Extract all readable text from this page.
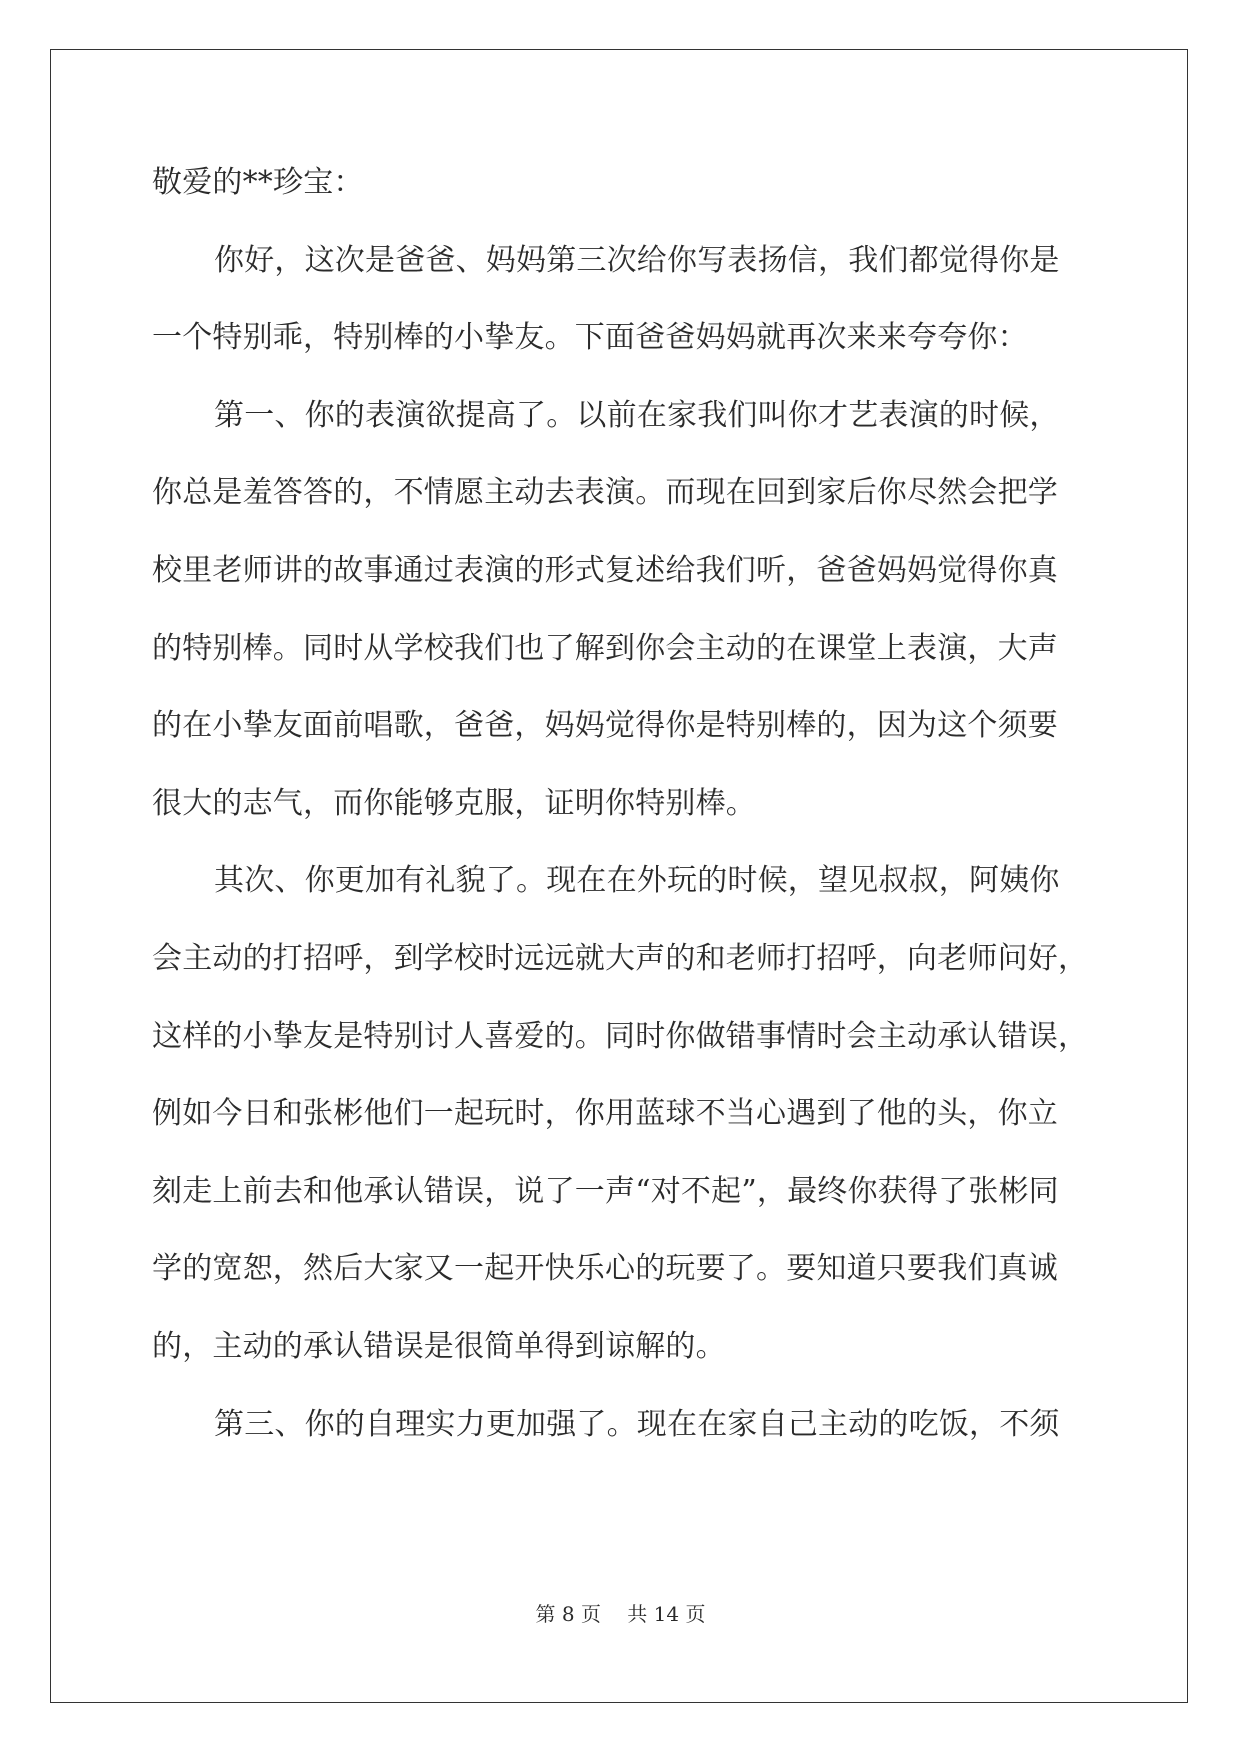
敬爱的**珍宝：
你好，这次是爸爸、妈妈第三次给你写表扬信，我们都觉得你是
一个特别乖，特别棒的小挚友。下面爸爸妈妈就再次来来夸夸你：
第一、你的表演欲提高了。以前在家我们叫你才艺表演的时候，
你总是羞答答的，不情愿主动去表演。而现在回到家后你尽然会把学
校里老师讲的故事通过表演的形式复述给我们听，爸爸妈妈觉得你真
的特别棒。同时从学校我们也了解到你会主动的在课堂上表演，大声
的在小挚友面前唱歌，爸爸，妈妈觉得你是特别棒的，因为这个须要
很大的志气，而你能够克服，证明你特别棒。
其次、你更加有礼貌了。现在在外玩的时候，望见叔叔，阿姨你
会主动的打招呼，到学校时远远就大声的和老师打招呼，向老师问好，
这样的小挚友是特别讨人喜爱的。同时你做错事情时会主动承认错误，
例如今日和张彬他们一起玩时，你用蓝球不当心遇到了他的头，你立
刻走上前去和他承认错误，说了一声“对不起”，最终你获得了张彬同
学的宽恕，然后大家又一起开快乐心的玩要了。要知道只要我们真诚
的，主动的承认错误是很简单得到谅解的。
第三、你的自理实力更加强了。现在在家自己主动的吃饭，不须
第 8 页　 共 14 页
